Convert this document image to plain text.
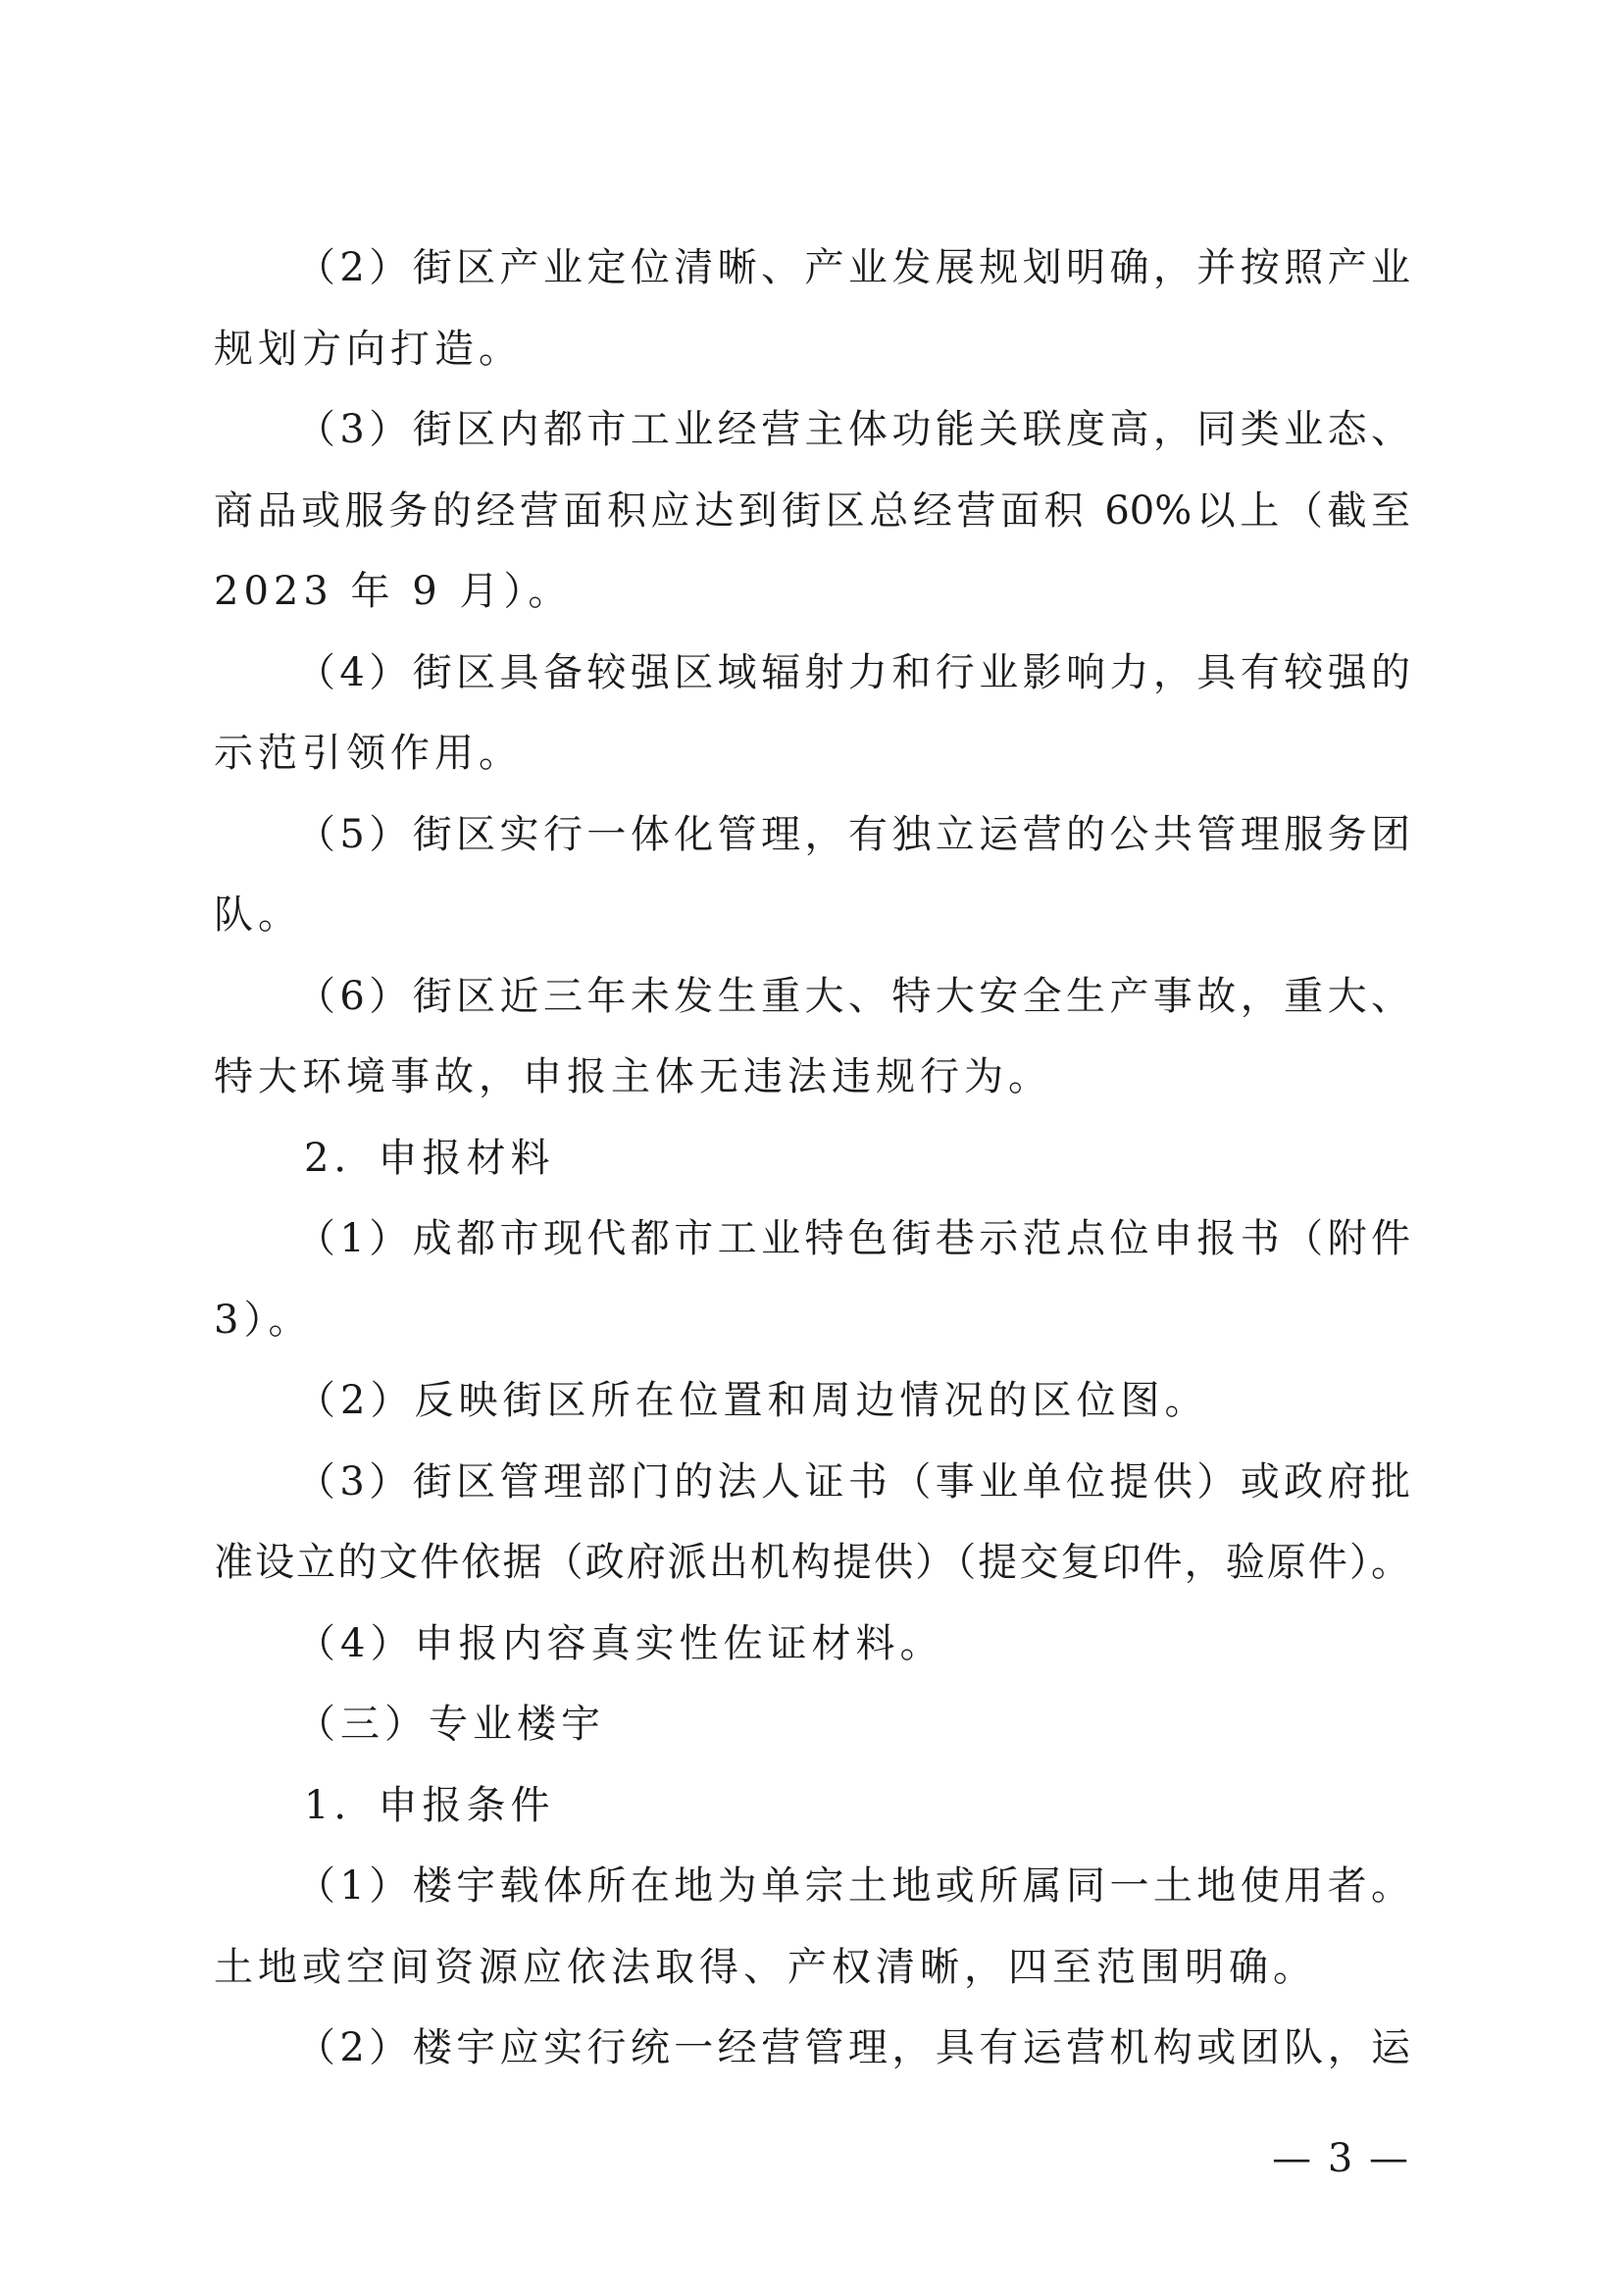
（2）街区产业定位清晰、产业发展规划明确，并按照产业
规划方向打造。
（3）街区内都市工业经营主体功能关联度高，同类业态、
商品或服务的经营面积应达到街区总经营面积 60%以上（截至
2023 年 9 月）。
（4）街区具备较强区域辐射力和行业影响力，具有较强的
示范引领作用。
（5）街区实行一体化管理，有独立运营的公共管理服务团
队。
（6）街区近三年未发生重大、特大安全生产事故，重大、
特大环境事故，申报主体无违法违规行为。
2．申报材料
（1）成都市现代都市工业特色街巷示范点位申报书（附件
3）。
（2）反映街区所在位置和周边情况的区位图。
（3）街区管理部门的法人证书（事业单位提供）或政府批
准设立的文件依据（政府派出机构提供）（提交复印件，验原件）。
（4）申报内容真实性佐证材料。
（三）专业楼宇
1．申报条件
（1）楼宇载体所在地为单宗土地或所属同一土地使用者。
土地或空间资源应依法取得、产权清晰，四至范围明确。
（2）楼宇应实行统一经营管理，具有运营机构或团队，运
— 3 —
